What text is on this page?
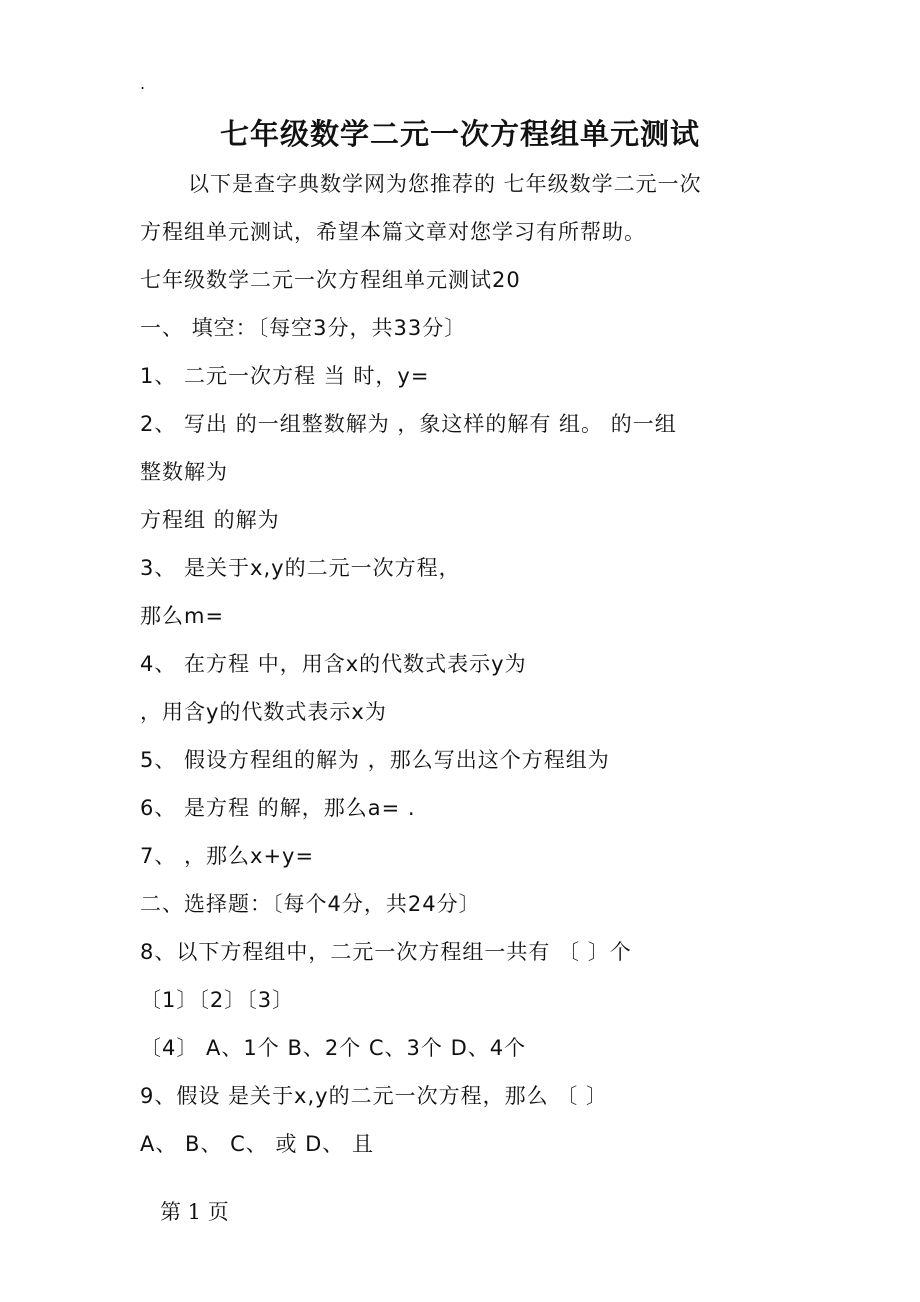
.
七年级数学二元一次方程组单元测试
以下是查字典数学网为您推荐的 七年级数学二元一次
方程组单元测试，希望本篇文章对您学习有所帮助。
七年级数学二元一次方程组单元测试20
一、 填空：〔每空3分，共33分〕
1、 二元一次方程 当 时，y=
2、 写出 的一组整数解为 ，象这样的解有 组。 的一组
整数解为
方程组 的解为
3、 是关于x,y的二元一次方程，
那么m=
4、 在方程 中，用含x的代数式表示y为
，用含y的代数式表示x为
5、 假设方程组的解为 ，那么写出这个方程组为
6、 是方程 的解，那么a= .
7、 ，那么x+y=
二、选择题：〔每个4分，共24分〕
8、以下方程组中，二元一次方程组一共有 〔 〕个
〔1〕〔2〕〔3〕
〔4〕 A、1个 B、2个 C、3个 D、4个
9、假设 是关于x,y的二元一次方程，那么 〔 〕
A、 B、 C、 或 D、 且
第 1 页
